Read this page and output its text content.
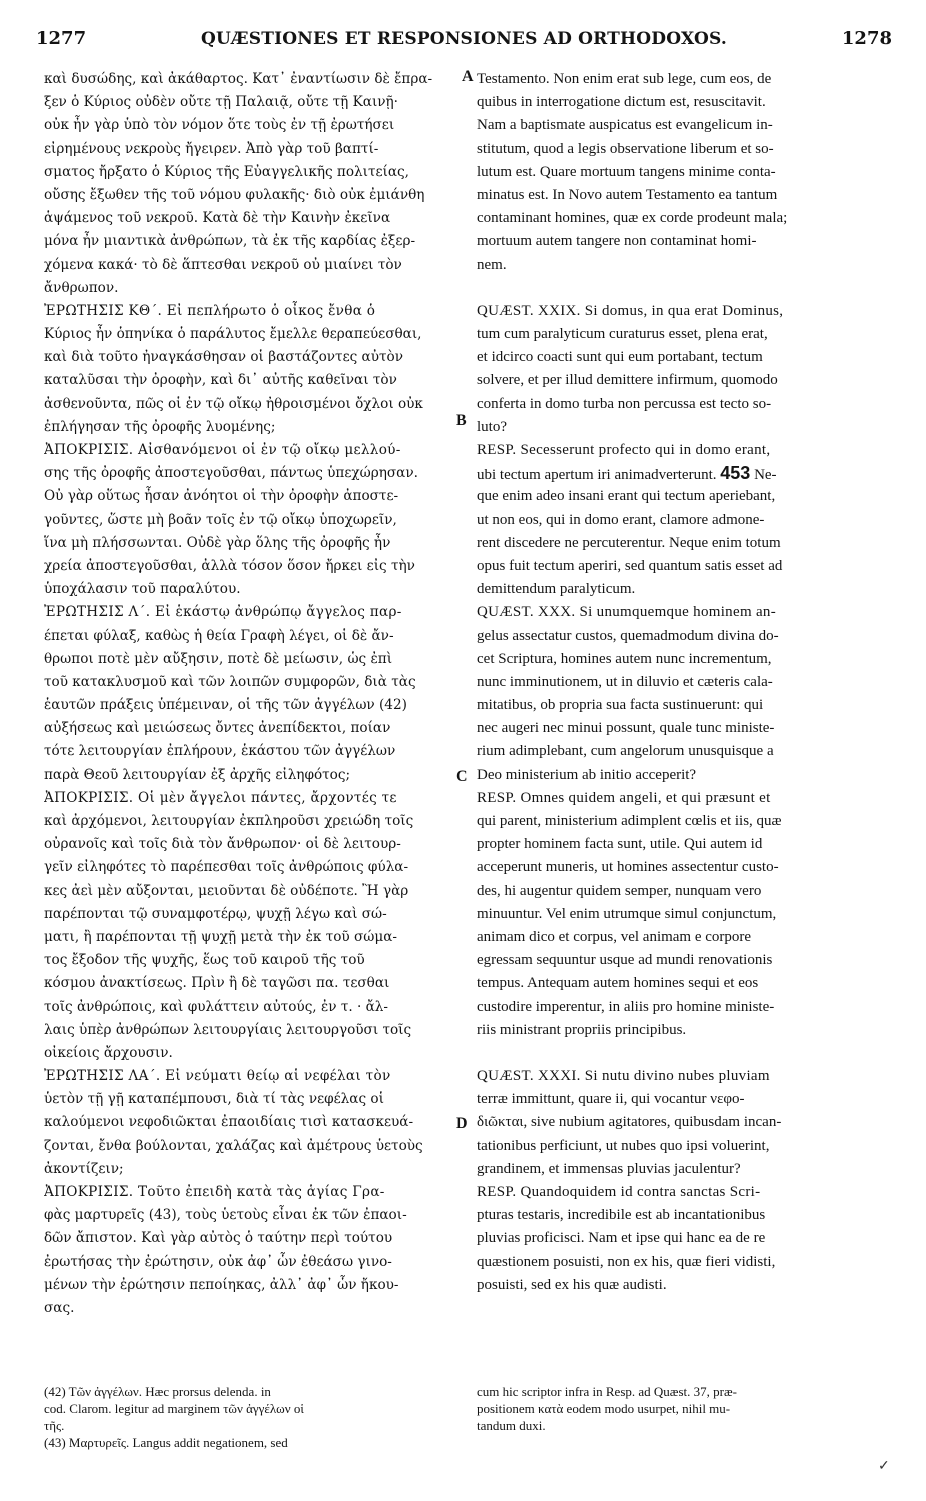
1277	QUÆSTIONES ET RESPONSIONES AD ORTHODOXOS.	1278
καὶ δυσώδης, καὶ ἀκάθαρτος. Κατ᾽ ἐναντίωσιν δὲ ἔπρα-
ξεν ὁ Κύριος οὐδὲν οὔτε τῇ Παλαιᾷ, οὔτε τῇ Καινῇ·
οὐκ ἦν γὰρ ὑπὸ τὸν νόμον ὅτε τοὺς ἐν τῇ ἐρωτήσει
εἰρημένους νεκροὺς ἤγειρεν. Ἀπὸ γὰρ τοῦ βαπτί-
σματος ἤρξατο ὁ Κύριος τῆς Εὐαγγελικῆς πολιτείας,
οὔσης ἔξωθεν τῆς τοῦ νόμου φυλακῆς· διὸ οὐκ ἐμιάνθη
ἁψάμενος τοῦ νεκροῦ. Κατὰ δὲ τὴν Καινὴν ἐκεῖνα
μόνα ἦν μιαντικὰ ἀνθρώπων, τὰ ἐκ τῆς καρδίας ἐξερ-
χόμενα κακά· τὸ δὲ ἅπτεσθαι νεκροῦ οὐ μιαίνει τὸν
ἄνθρωπον.
ἘΡΩΤΗΣΙΣ ΚΘ΄. Εἰ πεπλήρωτο ὁ οἶκος ἔνθα ὁ
Κύριος ἦν ὁπηνίκα ὁ παράλυτος ἔμελλε θεραπεύεσθαι,
καὶ διὰ τοῦτο ἠναγκάσθησαν οἱ βαστάζοντες αὐτὸν
καταλῦσαι τὴν ὀροφὴν, καὶ δι᾽ αὐτῆς καθεῖναι τὸν
ἀσθενοῦντα, πῶς οἱ ἐν τῷ οἴκῳ ἠθροισμένοι ὄχλοι οὐκ
ἐπλήγησαν τῆς ὀροφῆς λυομένης;
ἈΠΟΚΡΙΣΙΣ. Αἰσθανόμενοι οἱ ἐν τῷ οἴκῳ μελλού-
σης τῆς ὀροφῆς ἀποστεγοῦσθαι, πάντως ὑπεχώρησαν.
Οὐ γὰρ οὕτως ἦσαν ἀνόητοι οἱ τὴν ὀροφὴν ἀποστε-
γοῦντες, ὥστε μὴ βοᾶν τοῖς ἐν τῷ οἴκῳ ὑποχωρεῖν,
ἵνα μὴ πλήσσωνται. Οὐδὲ γὰρ ὅλης τῆς ὀροφῆς ἦν
χρεία ἀποστεγοῦσθαι, ἀλλὰ τόσον ὅσον ἤρκει εἰς τὴν
ὑποχάλασιν τοῦ παραλύτου.
ἘΡΩΤΗΣΙΣ Λ΄. Εἰ ἑκάστῳ ἀνθρώπῳ ἄγγελος παρ-
έπεται φύλαξ, καθὼς ἡ θεία Γραφὴ λέγει, οἱ δὲ ἄν-
θρωποι ποτὲ μὲν αὔξησιν, ποτὲ δὲ μείωσιν, ὡς ἐπὶ
τοῦ κατακλυσμοῦ καὶ τῶν λοιπῶν συμφορῶν, διὰ τὰς
ἑαυτῶν πράξεις ὑπέμειναν, οἱ τῆς τῶν ἀγγέλων (42)
αὐξήσεως καὶ μειώσεως ὄντες ἀνεπίδεκτοι, ποίαν
τότε λειτουργίαν ἐπλήρουν, ἑκάστου τῶν ἀγγέλων
παρὰ Θεοῦ λειτουργίαν ἐξ ἀρχῆς εἰληφότος;
ἈΠΟΚΡΙΣΙΣ. Οἱ μὲν ἄγγελοι πάντες, ἄρχοντές τε
καὶ ἀρχόμενοι, λειτουργίαν ἐκπληροῦσι χρειώδη τοῖς
οὐρανοῖς καὶ τοῖς διὰ τὸν ἄνθρωπον· οἱ δὲ λειτουρ-
γεῖν εἰληφότες τὸ παρέπεσθαι τοῖς ἀνθρώποις φύλα-
κες ἀεὶ μὲν αὔξονται, μειοῦνται δὲ οὐδέποτε. Ἢ γὰρ
παρέπονται τῷ συναμφοτέρῳ, ψυχῇ λέγω καὶ σώ-
ματι, ἢ παρέπονται τῇ ψυχῇ μετὰ τὴν ἐκ τοῦ σώμα-
τος ἔξοδον τῆς ψυχῆς, ἕως τοῦ καιροῦ τῆς τοῦ
κόσμου ἀνακτίσεως. Πρὶν ἢ δὲ ταγῶσι πα. τεσθαι
τοῖς ἀνθρώποις, καὶ φυλάττειν αὐτούς, ἐν τ. · ἄλ-
λαις ὑπὲρ ἀνθρώπων λειτουργίαις λειτουργοῦσι τοῖς
οἰκείοις ἄρχουσιν.
ἘΡΩΤΗΣΙΣ ΛΑ΄. Εἰ νεύματι θείῳ αἱ νεφέλαι τὸν
ὑετὸν τῇ γῇ καταπέμπουσι, διὰ τί τὰς νεφέλας οἱ
καλούμενοι νεφοδιῶκται ἐπαοιδίαις τισὶ κατασκευά-
ζονται, ἔνθα βούλονται, χαλάζας καὶ ἀμέτρους ὑετοὺς
ἀκοντίζειν;
ἈΠΟΚΡΙΣΙΣ. Τοῦτο ἐπειδὴ κατὰ τὰς ἁγίας Γρα-
φὰς μαρτυρεῖς (43), τοὺς ὑετοὺς εἶναι ἐκ τῶν ἐπαοι-
δῶν ἄπιστον. Καὶ γὰρ αὐτὸς ὁ ταύτην περὶ τούτου
ἐρωτήσας τὴν ἐρώτησιν, οὐκ ἀφ᾽ ὧν ἐθεάσω γινο-
μένων τὴν ἐρώτησιν πεποίηκας, ἀλλ᾽ ἀφ᾽ ὧν ἤκου-
σας.
Testamento. Non enim erat sub lege, cum eos, de
quibus in interrogatione dictum est, resuscitavit.
Nam a baptismate auspicatus est evangelicum in-
stitutum, quod a legis observatione liberum et so-
lutum est. Quare mortuum tangens minime conta-
minatus est. In Novo autem Testamento ea tantum
contaminant homines, quæ ex corde prodeunt mala;
mortuum autem tangere non contaminat homi-
nem.
QUÆST. XXIX. Si domus, in qua erat Dominus,
tum cum paralyticum curaturus esset, plena erat,
et idcirco coacti sunt qui eum portabant, tectum
solvere, et per illud demittere infirmum, quomodo
conferta in domo turba non percussa est tecto so-
luto?
RESP. Secesserunt profecto qui in domo erant,
ubi tectum apertum iri animadverterunt. 453 Ne-
que enim adeo insani erant qui tectum aperiebant,
ut non eos, qui in domo erant, clamore admone-
rent discedere ne percuterentur. Neque enim totum
opus fuit tectum aperiri, sed quantum satis esset ad
demittendum paralyticum.
QUÆST. XXX. Si unumquemque hominem an-
gelus assectatur custos, quemadmodum divina do-
cet Scriptura, homines autem nunc incrementum,
nunc imminutionem, ut in diluvio et cæteris cala-
mitatibus, ob propria sua facta sustinuerunt: qui
nec augeri nec minui possunt, quale tunc ministe-
rium adimplebant, cum angelorum unusquisque a
Deo ministerium ab initio acceperit?
RESP. Omnes quidem angeli, et qui præsunt et
qui parent, ministerium adimplent cœlis et iis, quæ
propter hominem facta sunt, utile. Qui autem id
acceperunt muneris, ut homines assectentur custo-
des, hi augentur quidem semper, nunquam vero
minuuntur. Vel enim utrumque simul conjunctum,
animam dico et corpus, vel animam e corpore
egressam sequuntur usque ad mundi renovationis
tempus. Antequam autem homines sequi et eos
custodire imperentur, in aliis pro homine ministe-
riis ministrant propriis principibus.
QUÆST. XXXI. Si nutu divino nubes pluviam
terræ immittunt, quare ii, qui vocantur νεφο-
διῶκται, sive nubium agitatores, quibusdam incan-
tationibus perficiunt, ut nubes quo ipsi voluerint,
grandinem, et immensas pluvias jaculentur?
RESP. Quandoquidem id contra sanctas Scri-
pturas testaris, incredibile est ab incantationibus
pluvias proficisci. Nam et ipse qui hanc ea de re
quæstionem posuisti, non ex his, quæ fieri vidisti,
posuisti, sed ex his quæ audisti.
A
B
C
D
(42) Τῶν ἀγγέλων. Hæc prorsus delenda. in
cod. Clarom. legitur ad marginem τῶν ἀγγέλων οἱ
τῆς.
(43) Μαρτυρεῖς. Langus addit negationem, sed
cum hic scriptor infra in Resp. ad Quæst. 37, præ-
positionem κατὰ eodem modo usurpet, nihil mu-
tandum duxi.
✓
